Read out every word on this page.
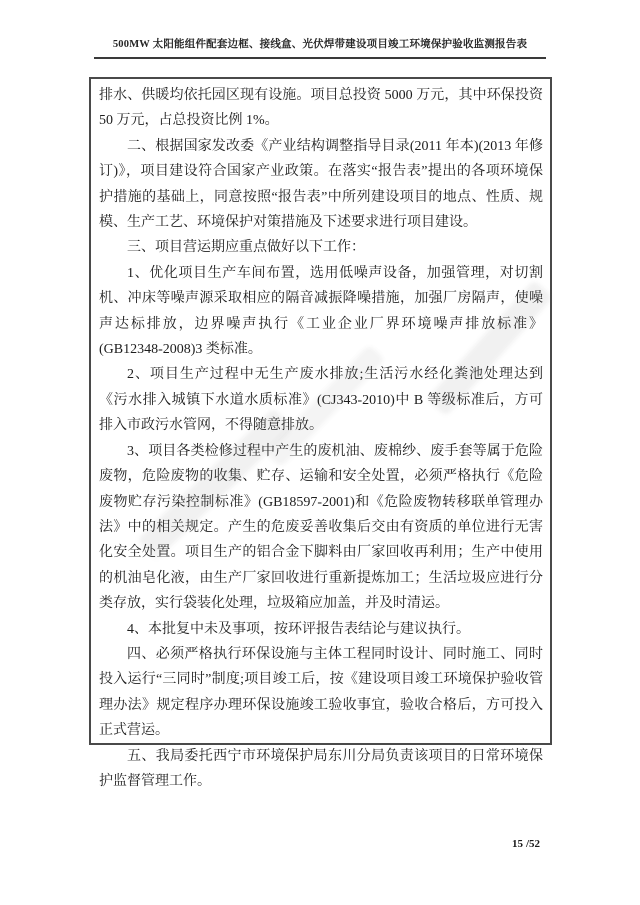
500MW 太阳能组件配套边框、接线盒、光伏焊带建设项目竣工环境保护验收监测报告表

排水、供暖均依托园区现有设施。项目总投资 5000 万元，其中环保投资 50 万元，占总投资比例 1%。

二、根据国家发改委《产业结构调整指导目录(2011 年本)(2013 年修订)》，项目建设符合国家产业政策。在落实“报告表”提出的各项环境保护措施的基础上，同意按照“报告表”中所列建设项目的地点、性质、规模、生产工艺、环境保护对策措施及下述要求进行项目建设。

三、项目营运期应重点做好以下工作：

1、优化项目生产车间布置，选用低噪声设备，加强管理，对切割机、冲床等噪声源采取相应的隔音减振降噪措施，加强厂房隔声，使噪声达标排放，边界噪声执行《工业企业厂界环境噪声排放标准》(GB12348-2008)3 类标准。

2、项目生产过程中无生产废水排放;生活污水经化粪池处理达到《污水排入城镇下水道水质标准》(CJ343-2010)中 B 等级标准后，方可排入市政污水管网，不得随意排放。

3、项目各类检修过程中产生的废机油、废棉纱、废手套等属于危险废物，危险废物的收集、贮存、运输和安全处置，必须严格执行《危险废物贮存污染控制标准》(GB18597-2001)和《危险废物转移联单管理办法》中的相关规定。产生的危废妥善收集后交由有资质的单位进行无害化安全处置。项目生产的铝合金下脚料由厂家回收再利用；生产中使用的机油皂化液，由生产厂家回收进行重新提炼加工；生活垃圾应进行分类存放，实行袋装化处理，垃圾箱应加盖，并及时清运。

4、本批复中未及事项，按环评报告表结论与建议执行。

四、必须严格执行环保设施与主体工程同时设计、同时施工、同时投入运行“三同时”制度;项目竣工后，按《建设项目竣工环境保护验收管理办法》规定程序办理环保设施竣工验收事宜，验收合格后，方可投入正式营运。

五、我局委托西宁市环境保护局东川分局负责该项目的日常环境保护监督管理工作。

15 /52
